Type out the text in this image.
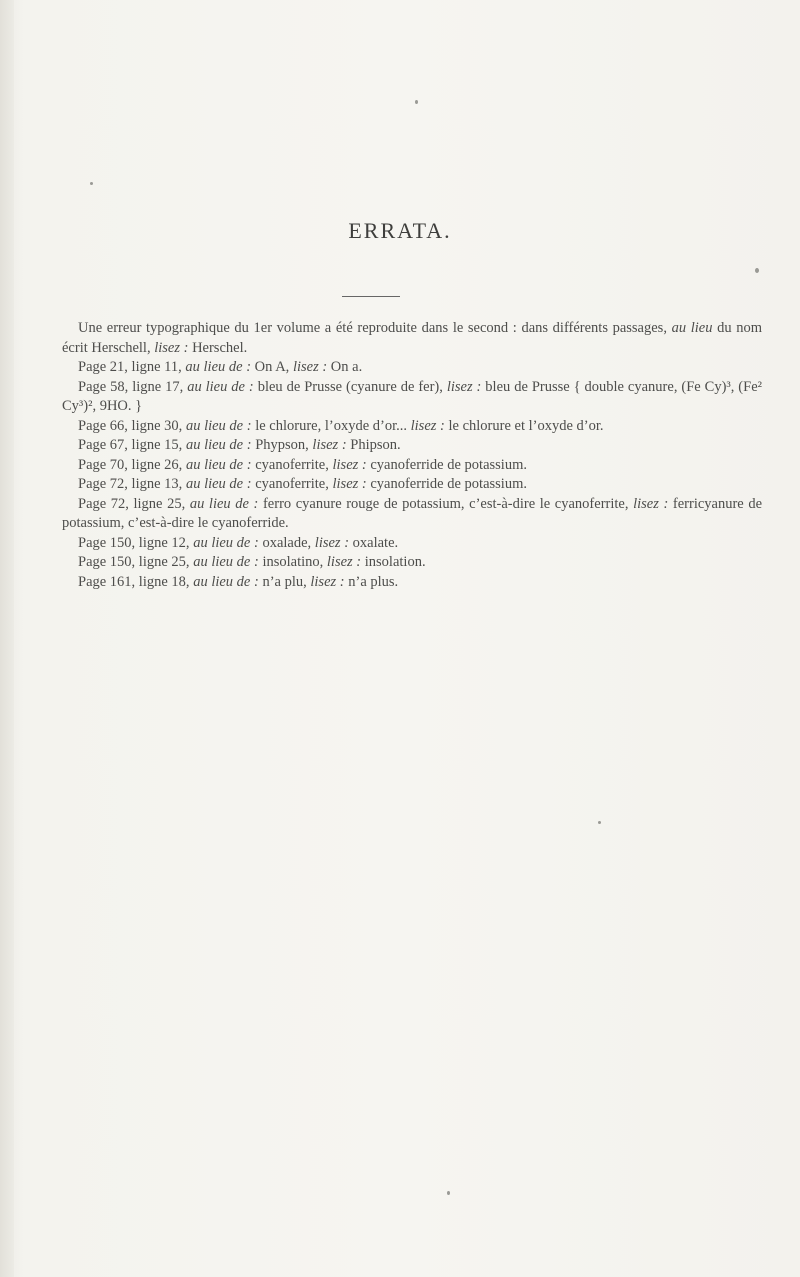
ERRATA.

Une erreur typographique du 1er volume a été reproduite dans le second : dans différents passages, au lieu du nom écrit Herschell, lisez : Herschel.

Page 21, ligne 11, au lieu de : On A, lisez : On a.

Page 58, ligne 17, au lieu de : bleu de Prusse (cyanure de fer), lisez : bleu de Prusse { double cyanure, (Fe Cy)³, (Fe² Cy³)², 9HO. }

Page 66, ligne 30, au lieu de : le chlorure, l’oxyde d’or... lisez : le chlorure et l’oxyde d’or.

Page 67, ligne 15, au lieu de : Phypson, lisez : Phipson.

Page 70, ligne 26, au lieu de : cyanoferrite, lisez : cyanoferride de potassium.

Page 72, ligne 13, au lieu de : cyanoferrite, lisez : cyanoferride de potassium.

Page 72, ligne 25, au lieu de : ferro cyanure rouge de potassium, c’est-à-dire le cyanoferrite, lisez : ferricyanure de potassium, c’est-à-dire le cyanoferride.

Page 150, ligne 12, au lieu de : oxalade, lisez : oxalate.

Page 150, ligne 25, au lieu de : insolatino, lisez : insolation.

Page 161, ligne 18, au lieu de : n’a plu, lisez : n’a plus.
